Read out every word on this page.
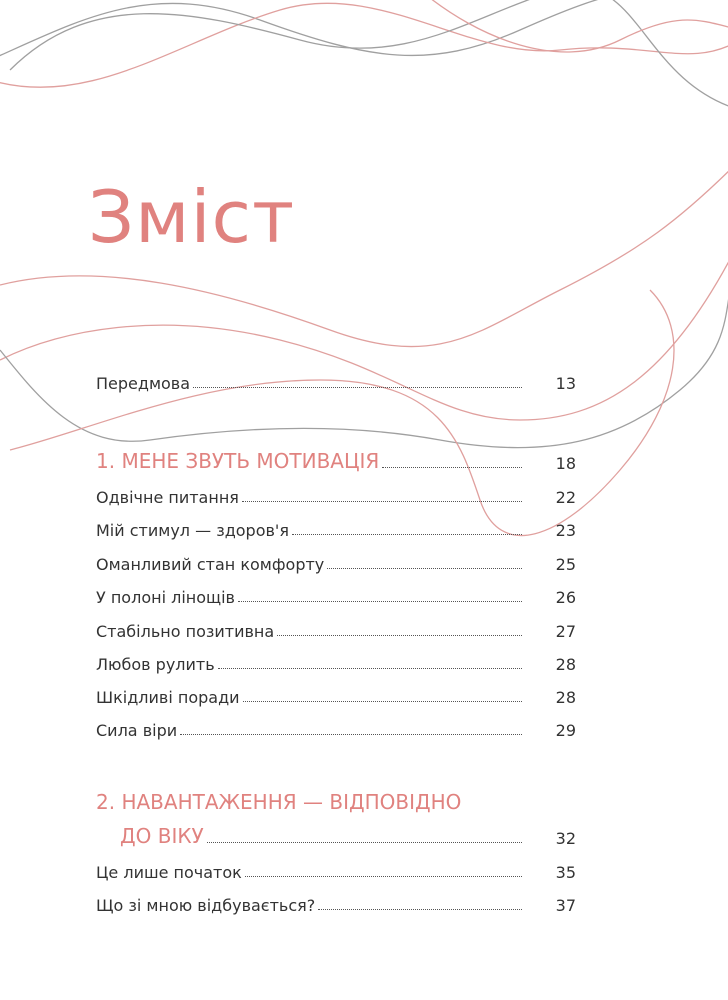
Зміст
Передмова	13
1. МЕНЕ ЗВУТЬ МОТИВАЦІЯ	18
Одвічне питання	22
Мій стимул — здоров'я	23
Оманливий стан комфорту	25
У полоні лінощів	26
Стабільно позитивна	27
Любов рулить	28
Шкідливі поради	28
Сила віри	29
2. НАВАНТАЖЕННЯ — ВІДПОВІДНО
ДО ВІКУ	32
Це лише початок	35
Що зі мною відбувається?	37
